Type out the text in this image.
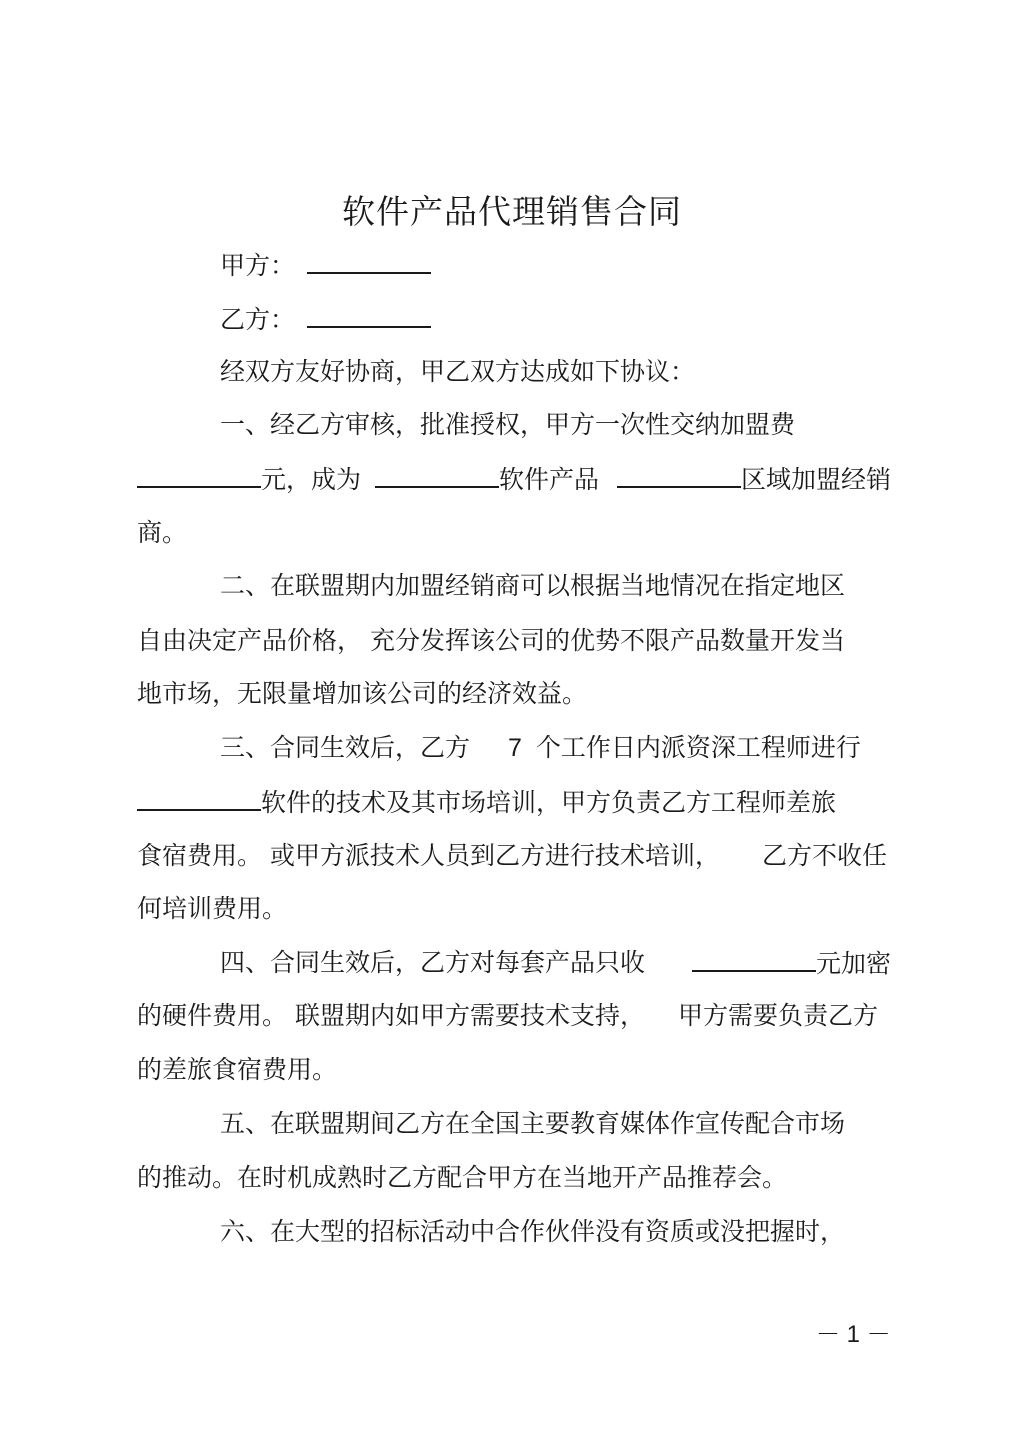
软件产品代理销售合同
甲方：
乙方：
经双方友好协商，甲乙双方达成如下协议：
一、经乙方审核，批准授权，甲方一次性交纳加盟费
元，成为	软件产品	区域加盟经销
商。
二、在联盟期内加盟经销商可以根据当地情况在指定地区
自由决定产品价格， 充分发挥该公司的优势不限产品数量开发当
地市场，无限量增加该公司的经济效益。
三、合同生效后，乙方 7 个工作日内派资深工程师进行
软件的技术及其市场培训，甲方负责乙方工程师差旅
食宿费用。 或甲方派技术人员到乙方进行技术培训， 乙方不收任
何培训费用。
四、合同生效后，乙方对每套产品只收	元加密
的硬件费用。 联盟期内如甲方需要技术支持， 甲方需要负责乙方
的差旅食宿费用。
五、在联盟期间乙方在全国主要教育媒体作宣传配合市场
的推动。在时机成熟时乙方配合甲方在当地开产品推荐会。
六、在大型的招标活动中合作伙伴没有资质或没把握时，
－ 1 －
